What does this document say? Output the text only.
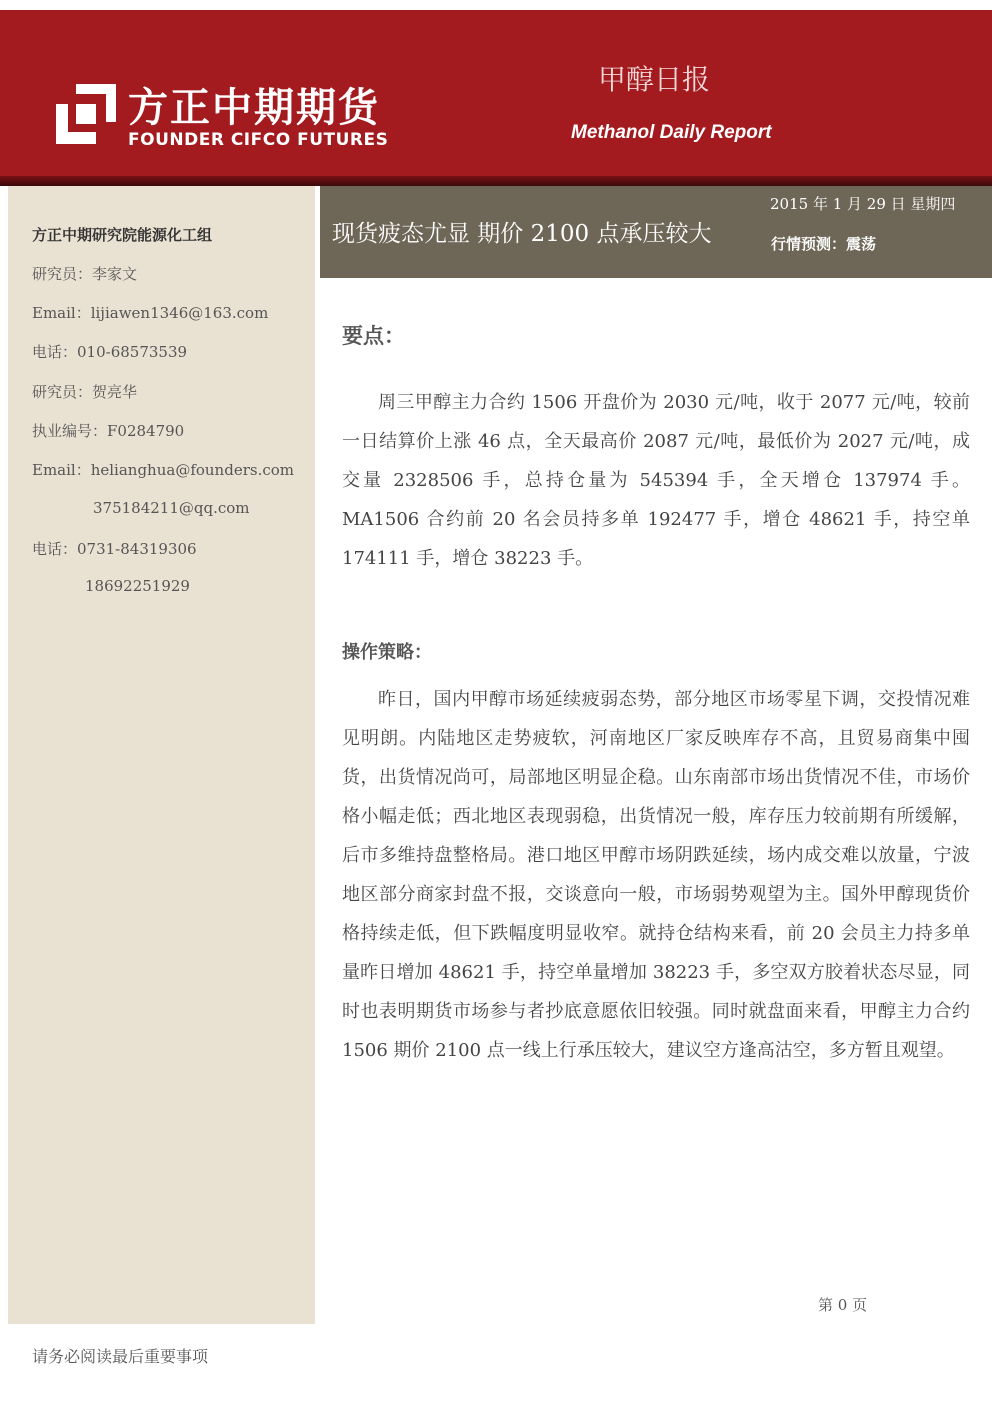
方正中期期货
FOUNDER CIFCO FUTURES
甲醇日报
Methanol Daily Report
方正中期研究院能源化工组
研究员：李家文
Email：lijiawen1346@163.com
电话：010-68573539
研究员：贺亮华
执业编号：F0284790
Email：helianghua@founders.com
375184211@qq.com
电话：0731-84319306
18692251929
2015 年 1 月 29 日 星期四
现货疲态尤显 期价 2100 点承压较大	行情预测：震荡
要点：

周三甲醇主力合约 1506 开盘价为 2030 元/吨，收于 2077 元/吨，较前一日结算价上涨 46 点，全天最高价 2087 元/吨，最低价为 2027 元/吨，成交量 2328506 手，总持仓量为 545394 手，全天增仓 137974 手。MA1506 合约前 20 名会员持多单 192477 手，增仓 48621 手，持空单 174111 手，增仓 38223 手。

操作策略：

昨日，国内甲醇市场延续疲弱态势，部分地区市场零星下调，交投情况难见明朗。内陆地区走势疲软，河南地区厂家反映库存不高，且贸易商集中囤货，出货情况尚可，局部地区明显企稳。山东南部市场出货情况不佳，市场价格小幅走低；西北地区表现弱稳，出货情况一般，库存压力较前期有所缓解，后市多维持盘整格局。港口地区甲醇市场阴跌延续，场内成交难以放量，宁波地区部分商家封盘不报，交谈意向一般，市场弱势观望为主。国外甲醇现货价格持续走低，但下跌幅度明显收窄。就持仓结构来看，前 20 会员主力持多单量昨日增加 48621 手，持空单量增加 38223 手，多空双方胶着状态尽显，同时也表明期货市场参与者抄底意愿依旧较强。同时就盘面来看，甲醇主力合约 1506 期价 2100 点一线上行承压较大，建议空方逢高沽空，多方暂且观望。

第 0 页
请务必阅读最后重要事项
